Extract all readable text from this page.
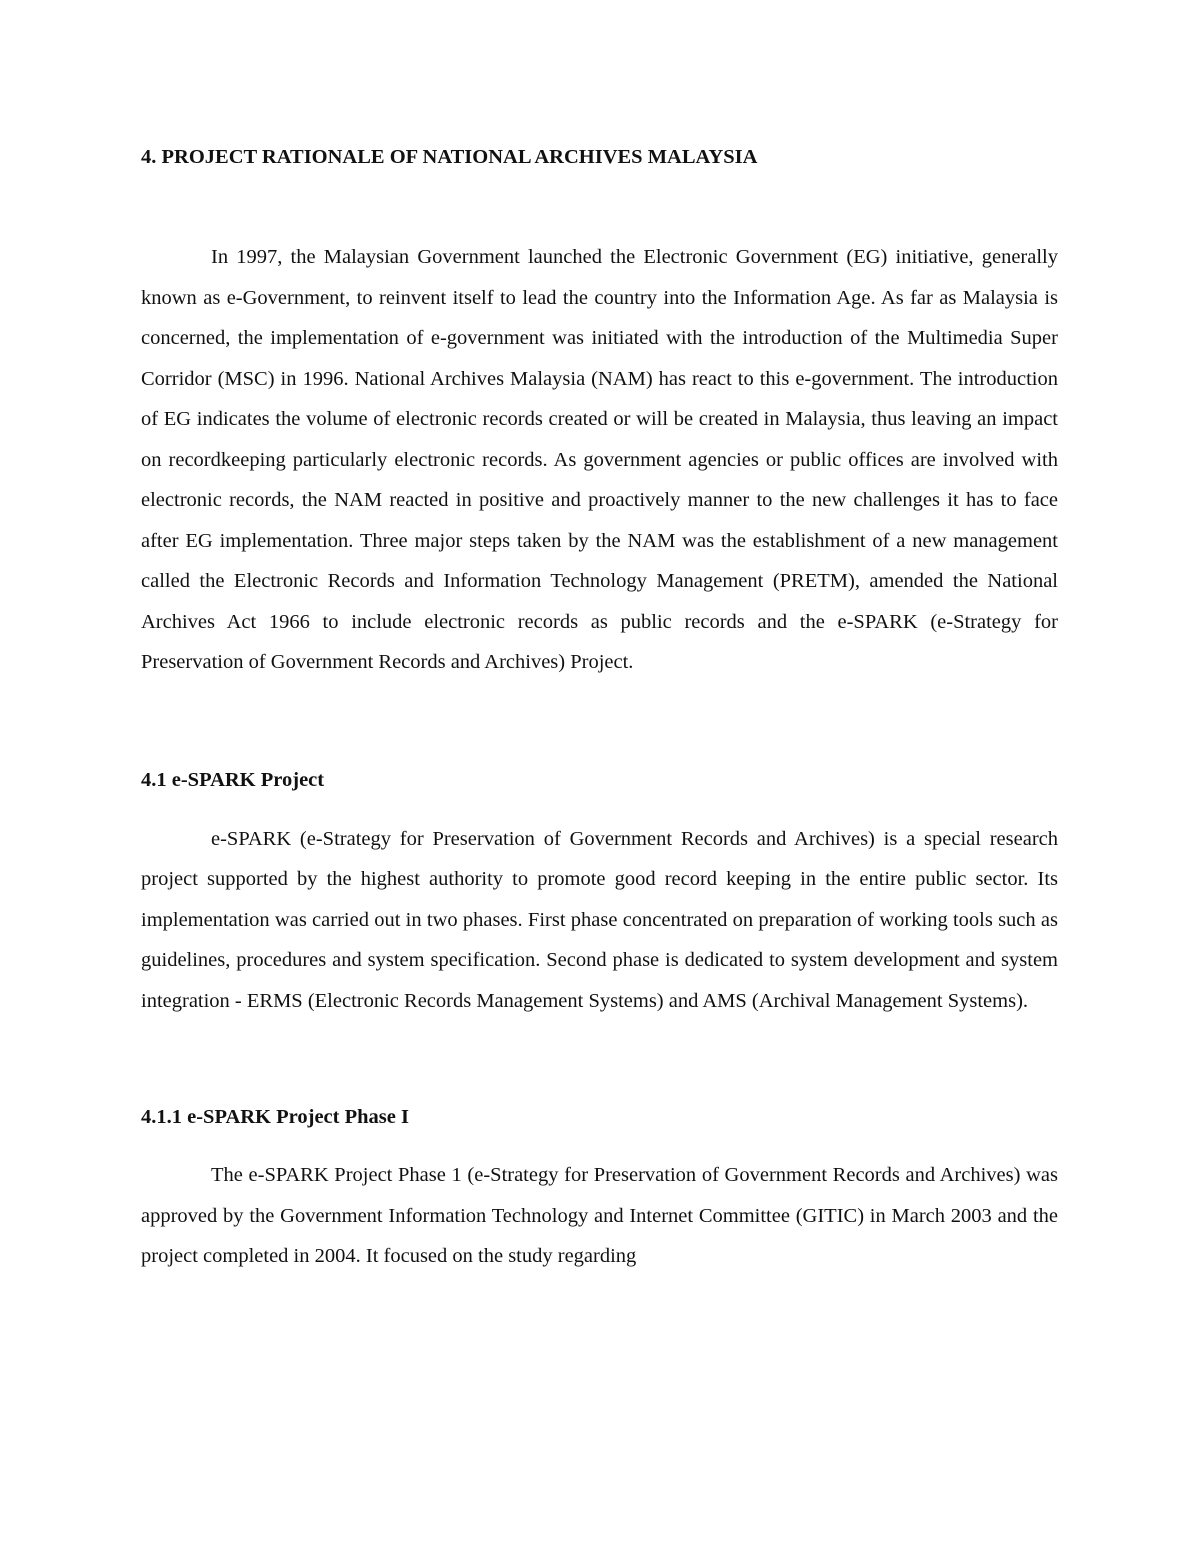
4. PROJECT RATIONALE OF NATIONAL ARCHIVES MALAYSIA

In 1997, the Malaysian Government launched the Electronic Government (EG) initiative, generally known as e-Government, to reinvent itself to lead the country into the Information Age. As far as Malaysia is concerned, the implementation of e-government was initiated with the introduction of the Multimedia Super Corridor (MSC) in 1996. National Archives Malaysia (NAM) has react to this e-government. The introduction of EG indicates the volume of electronic records created or will be created in Malaysia, thus leaving an impact on recordkeeping particularly electronic records. As government agencies or public offices are involved with electronic records, the NAM reacted in positive and proactively manner to the new challenges it has to face after EG implementation. Three major steps taken by the NAM was the establishment of a new management called the Electronic Records and Information Technology Management (PRETM), amended the National Archives Act 1966 to include electronic records as public records and the e-SPARK (e-Strategy for Preservation of Government Records and Archives) Project.

4.1 e-SPARK Project

e-SPARK (e-Strategy for Preservation of Government Records and Archives) is a special research project supported by the highest authority to promote good record keeping in the entire public sector. Its implementation was carried out in two phases. First phase concentrated on preparation of working tools such as guidelines, procedures and system specification. Second phase is dedicated to system development and system integration - ERMS (Electronic Records Management Systems) and AMS (Archival Management Systems).

4.1.1 e-SPARK Project Phase I

The e-SPARK Project Phase 1 (e-Strategy for Preservation of Government Records and Archives) was approved by the Government Information Technology and Internet Committee (GITIC) in March 2003 and the project completed in 2004. It focused on the study regarding
